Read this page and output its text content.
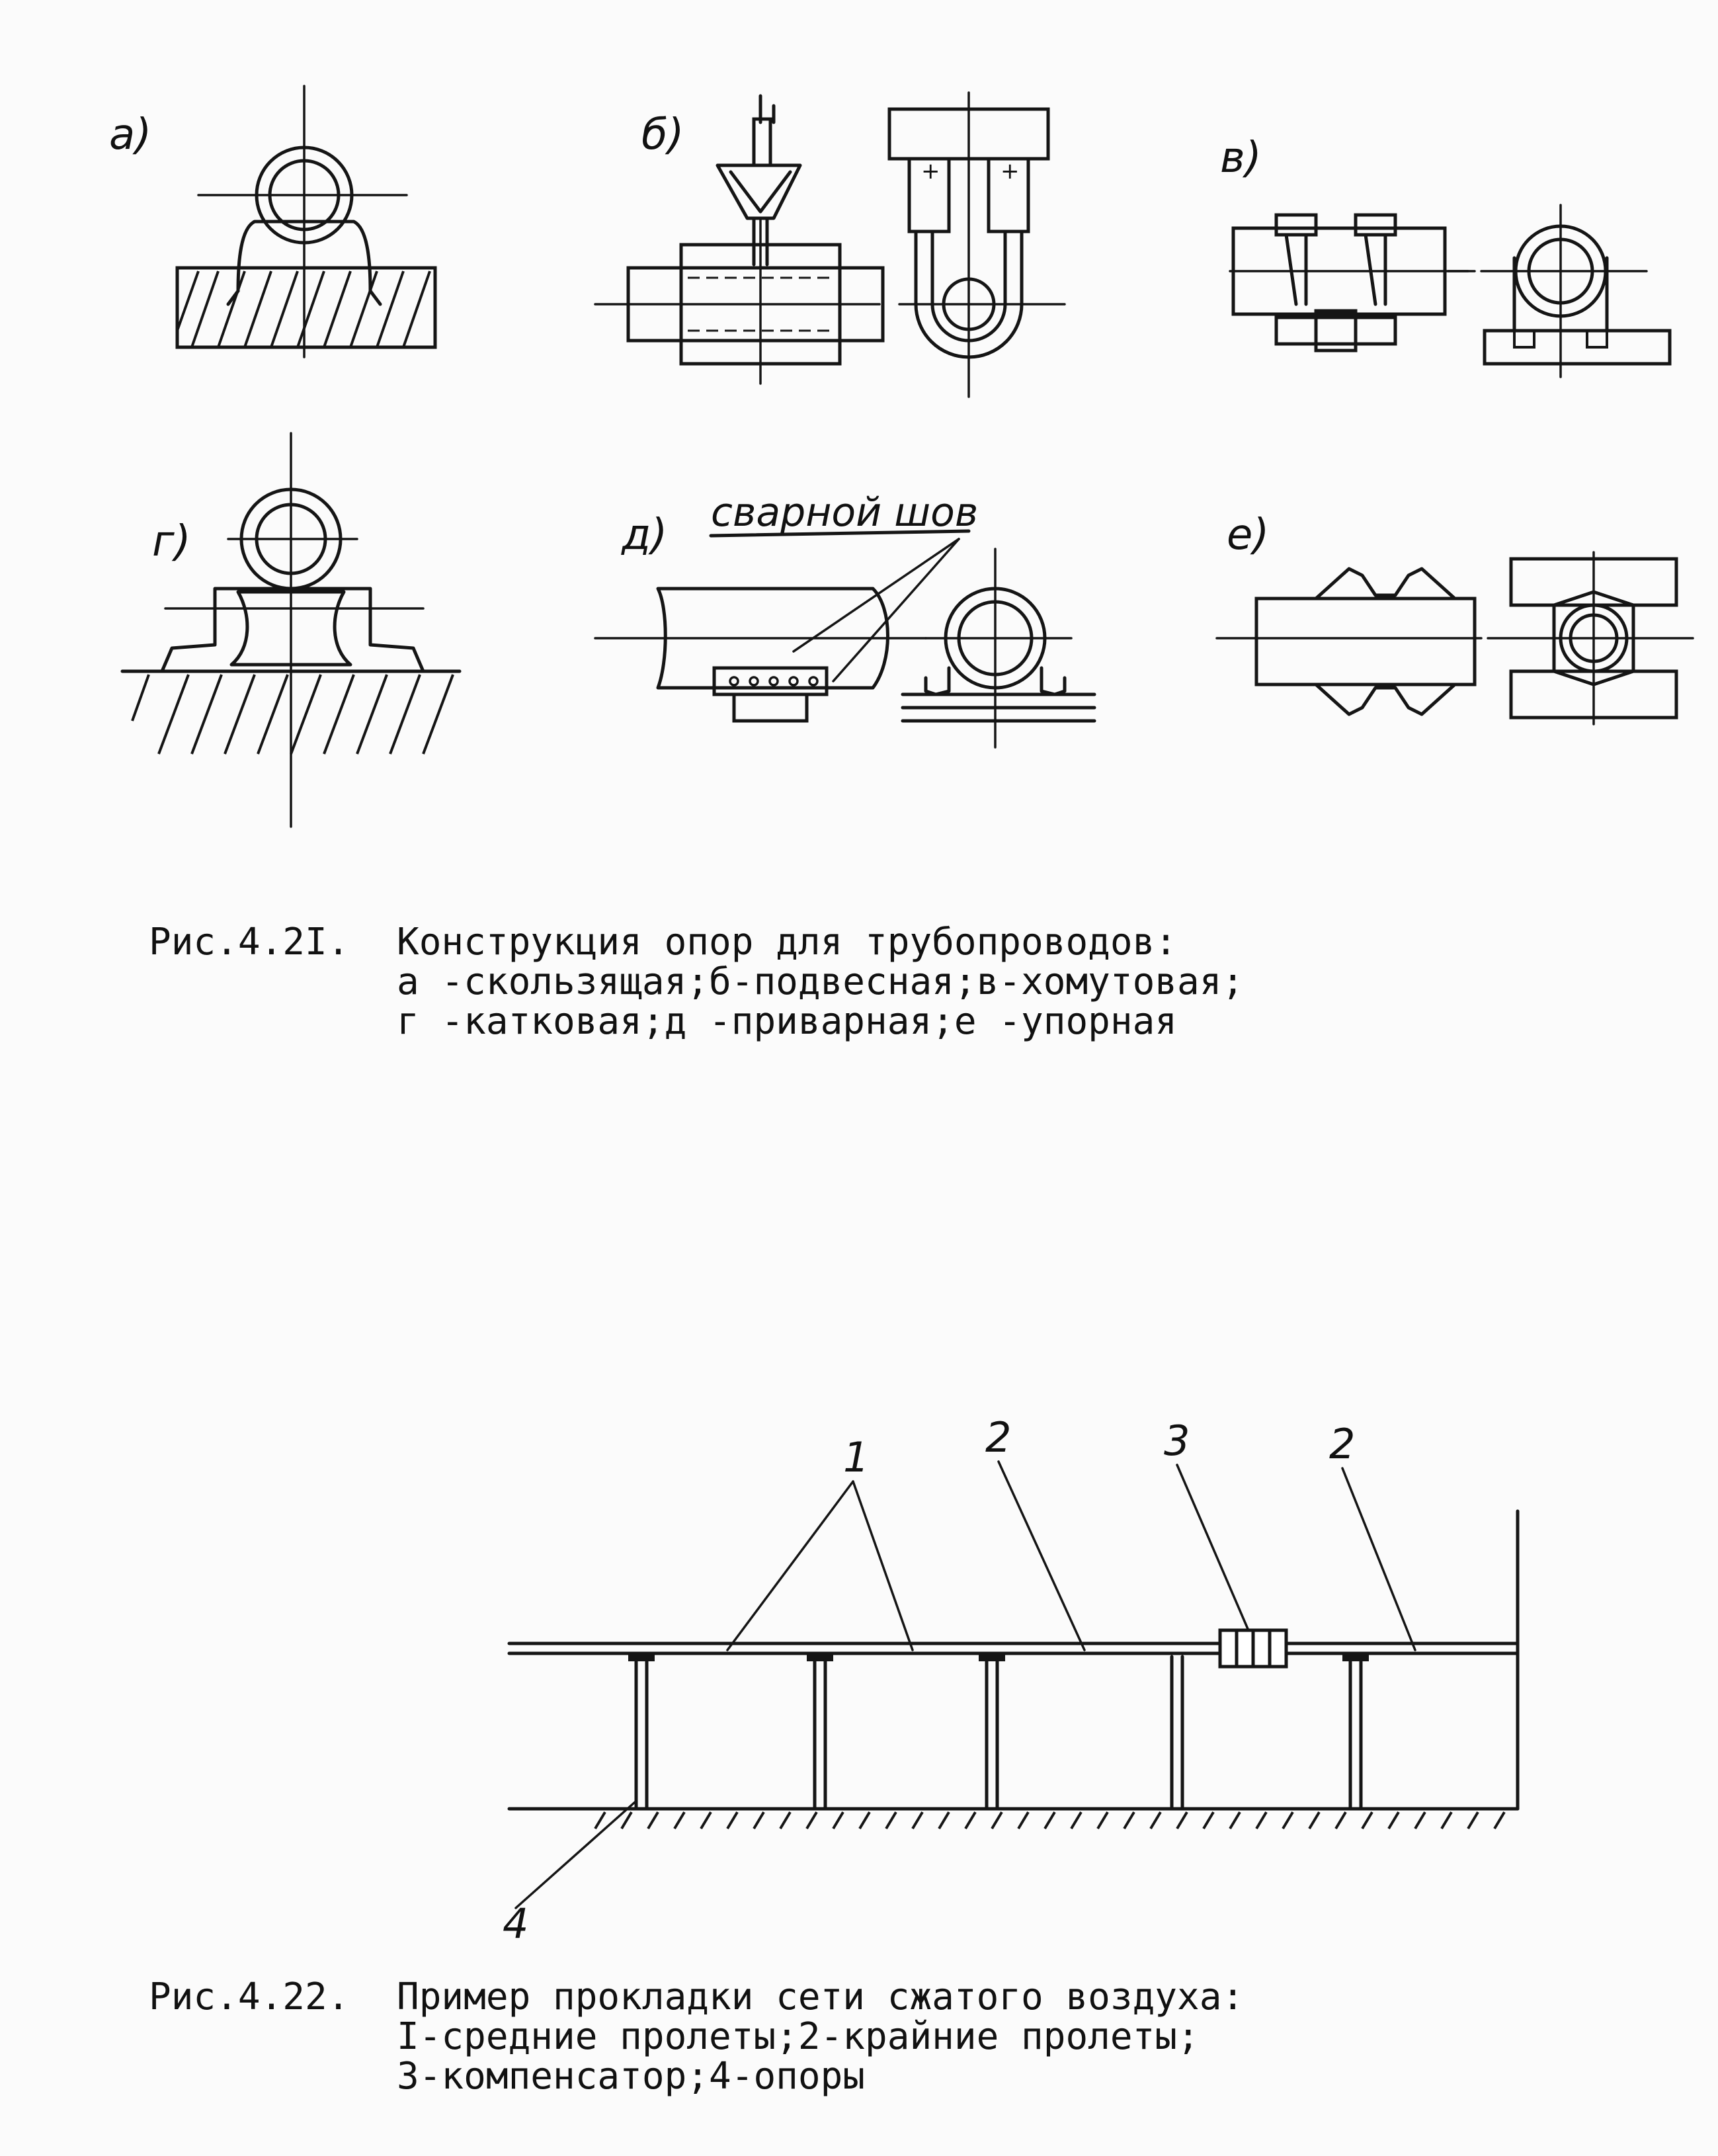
а)	б)
+	+	в)
г)	д) сварной шов	е)
1	2	3	2
4
Рис.4.2I. Конструкция опор для трубопроводов:
а -скользящая;б-подвесная;в-хомутовая;
г -катковая;д -приварная;е -упорная
Рис.4.22. Пример прокладки сети сжатого воздуха:
I-средние пролеты;2-крайние пролеты;
3-компенсатор;4-опоры
